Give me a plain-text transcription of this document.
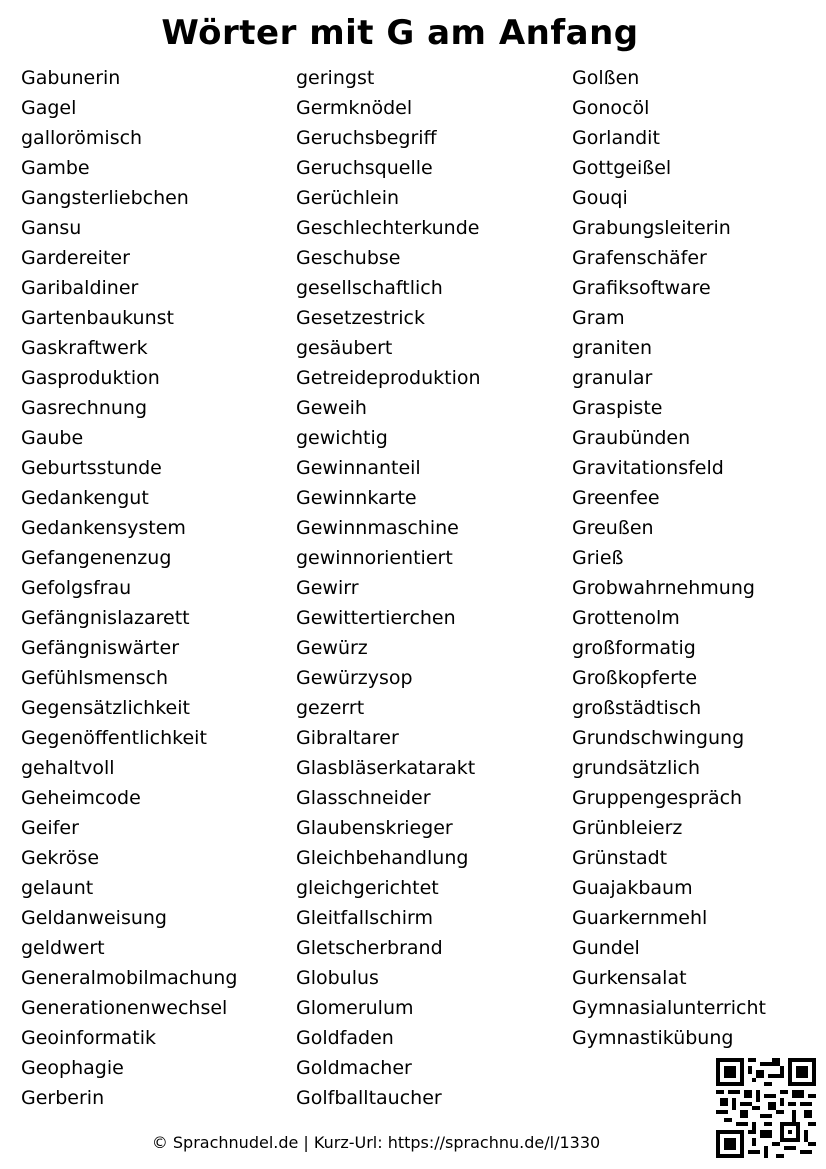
Wörter mit G am Anfang
Gabunerin
Gagel
gallorömisch
Gambe
Gangsterliebchen
Gansu
Gardereiter
Garibaldiner
Gartenbaukunst
Gaskraftwerk
Gasproduktion
Gasrechnung
Gaube
Geburtsstunde
Gedankengut
Gedankensystem
Gefangenenzug
Gefolgsfrau
Gefängnislazarett
Gefängniswärter
Gefühlsmensch
Gegensätzlichkeit
Gegenöffentlichkeit
gehaltvoll
Geheimcode
Geifer
Gekröse
gelaunt
Geldanweisung
geldwert
Generalmobilmachung
Generationenwechsel
Geoinformatik
Geophagie
Gerberin
geringst
Germknödel
Geruchsbegriff
Geruchsquelle
Gerüchlein
Geschlechterkunde
Geschubse
gesellschaftlich
Gesetzestrick
gesäubert
Getreideproduktion
Geweih
gewichtig
Gewinnanteil
Gewinnkarte
Gewinnmaschine
gewinnorientiert
Gewirr
Gewittertierchen
Gewürz
Gewürzysop
gezerrt
Gibraltarer
Glasbläserkatarakt
Glasschneider
Glaubenskrieger
Gleichbehandlung
gleichgerichtet
Gleitfallschirm
Gletscherbrand
Globulus
Glomerulum
Goldfaden
Goldmacher
Golfballtaucher
Golßen
Gonocöl
Gorlandit
Gottgeißel
Gouqi
Grabungsleiterin
Grafenschäfer
Grafiksoftware
Gram
graniten
granular
Graspiste
Graubünden
Gravitationsfeld
Greenfee
Greußen
Grieß
Grobwahrnehmung
Grottenolm
großformatig
Großkopferte
großstädtisch
Grundschwingung
grundsätzlich
Gruppengespräch
Grünbleierz
Grünstadt
Guajakbaum
Guarkernmehl
Gundel
Gurkensalat
Gymnasialunterricht
Gymnastikübung
© Sprachnudel.de | Kurz-Url: https://sprachnu.de/l/1330
